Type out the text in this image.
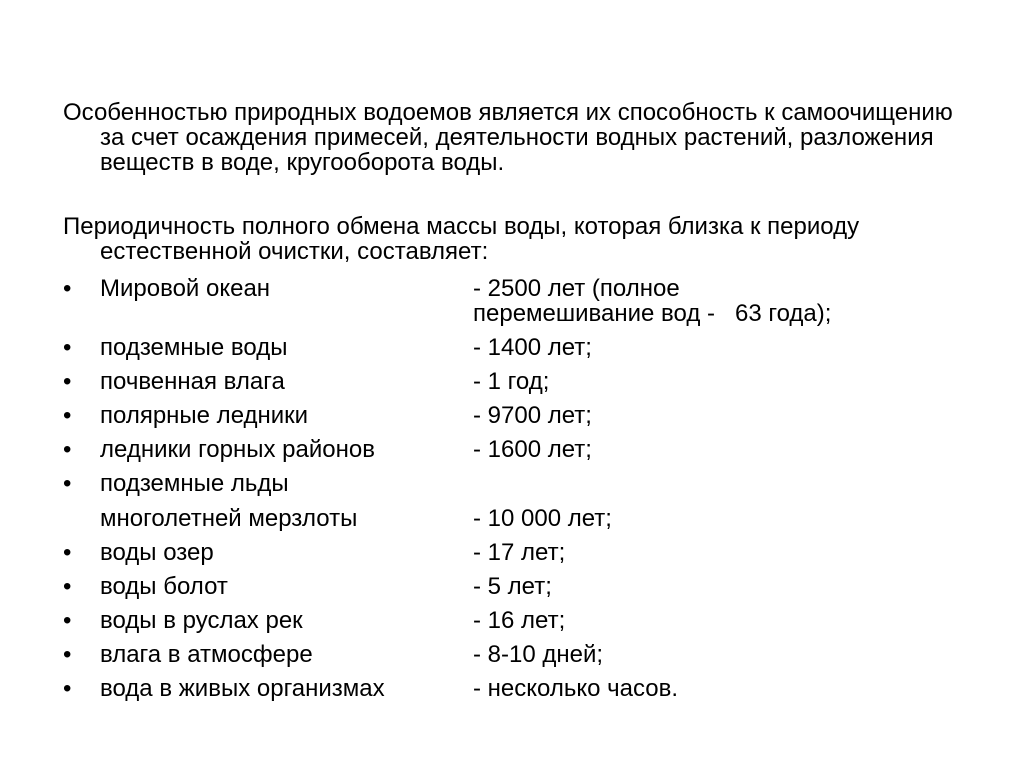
Особенностью природных водоемов является их способность к самоочищению за счет осаждения примесей, деятельности водных растений, разложения веществ в воде, кругооборота воды.
Периодичность полного обмена массы воды, которая близка к периоду естественной очистки, составляет:
•	Мировой океан	- 2500 лет (полное
перемешивание вод -   63 года);
•	подземные воды	- 1400 лет;
•	почвенная влага	- 1 год;
•	полярные ледники	- 9700 лет;
•	ледники горных районов	- 1600 лет;
•	подземные льды
многолетней мерзлоты	- 10 000 лет;
•	воды озер	- 17 лет;
•	воды болот	- 5 лет;
•	воды в руслах рек	- 16 лет;
•	влага в атмосфере	- 8-10 дней;
•	вода в живых организмах	- несколько часов.
